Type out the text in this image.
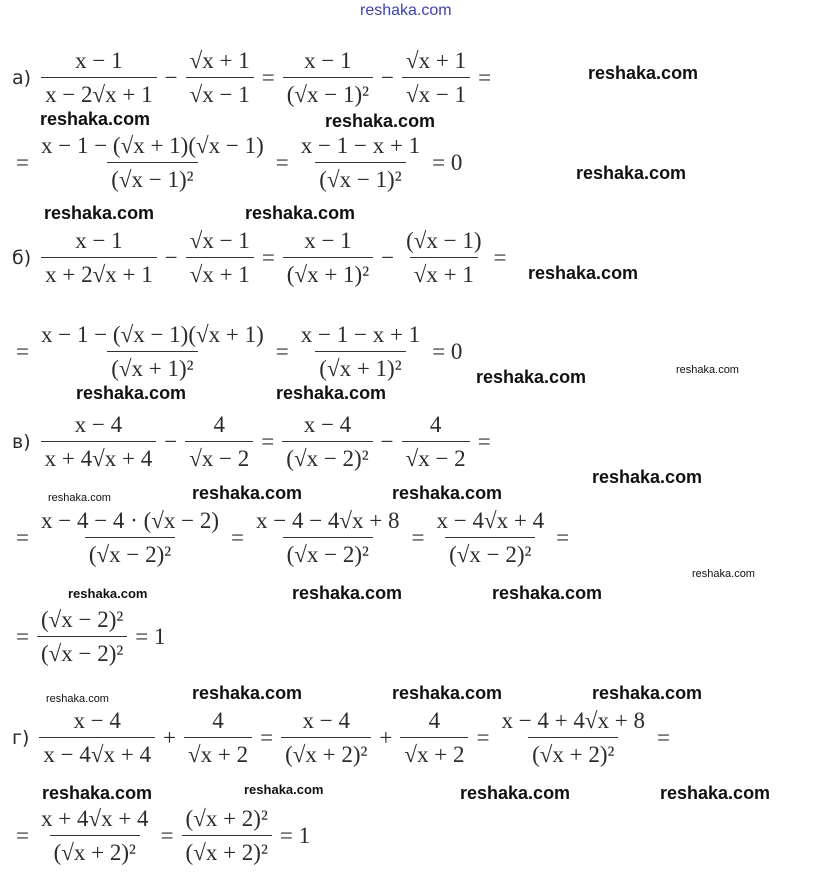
$а) \frac{x - 1}{x - 2√x + 1} - \frac{√x + 1}{√x - 1} = \frac{x - 1}{\text{(√x − 1)²}} - \frac{√x + 1}{√x - 1}$ =
= $\frac{x - 1 - (√x + 1)(√x - 1)}{\text{(√x − 1)²}} = \frac{x - 1 - x + 1}{\text{(√x − 1)²}} = 0$
$б) \frac{x - 1}{x + 2√x + 1} - \frac{√x - 1}{√x + 1} = \frac{x - 1}{\text{(√x + 1)²}} - \frac{(√x - 1)}{√x + 1}$ =
= $\frac{x - 1 - (√x - 1)(√x + 1)}{\text{(√x + 1)²}} = \frac{x - 1 - x + 1}{\text{(√x + 1)²}} = 0$
$в) \frac{x - 4}{x + 4√x + 4} - \frac{4}{√x - 2} = \frac{x - 4}{\text{(√x − 2)²}} - \frac{4}{√x - 2}$ =
= $\frac{x - 4 - 4 \cdot (√x - 2)}{\text{(√x − 2)²}} = \frac{x - 4 - 4√x + 8}{\text{(√x − 2)²}} = \frac{x - 4√x + 4}{\text{(√x − 2)²}}$ =
= $\frac{\text{(√x − 2)²}}{\text{(√x − 2)²}} = 1$
$г) \frac{x - 4}{x - 4√x + 4} + \frac{4}{√x + 2} = \frac{x - 4}{\text{(√x + 2)²}} + \frac{4}{√x + 2} = \frac{x - 4 + 4√x + 8}{\text{(√x + 2)²}}$ =
= $\frac{x + 4√x + 4}{\text{(√x + 2)²}} = \frac{\text{(√x + 2)²}}{\text{(√x + 2)²}} = 1$
reshaka.com
reshaka.com
reshaka.com	reshaka.com
reshaka.com
reshaka.com	reshaka.com
reshaka.com
reshaka.com
reshaka.com
reshaka.com
reshaka.com
reshaka.com
reshaka.com	reshaka.com	reshaka.com
reshaka.com
reshaka.com	reshaka.com	reshaka.com
reshaka.com	reshaka.com	reshaka.com
reshaka.com
reshaka.com	reshaka.com	reshaka.com
reshaka.com
